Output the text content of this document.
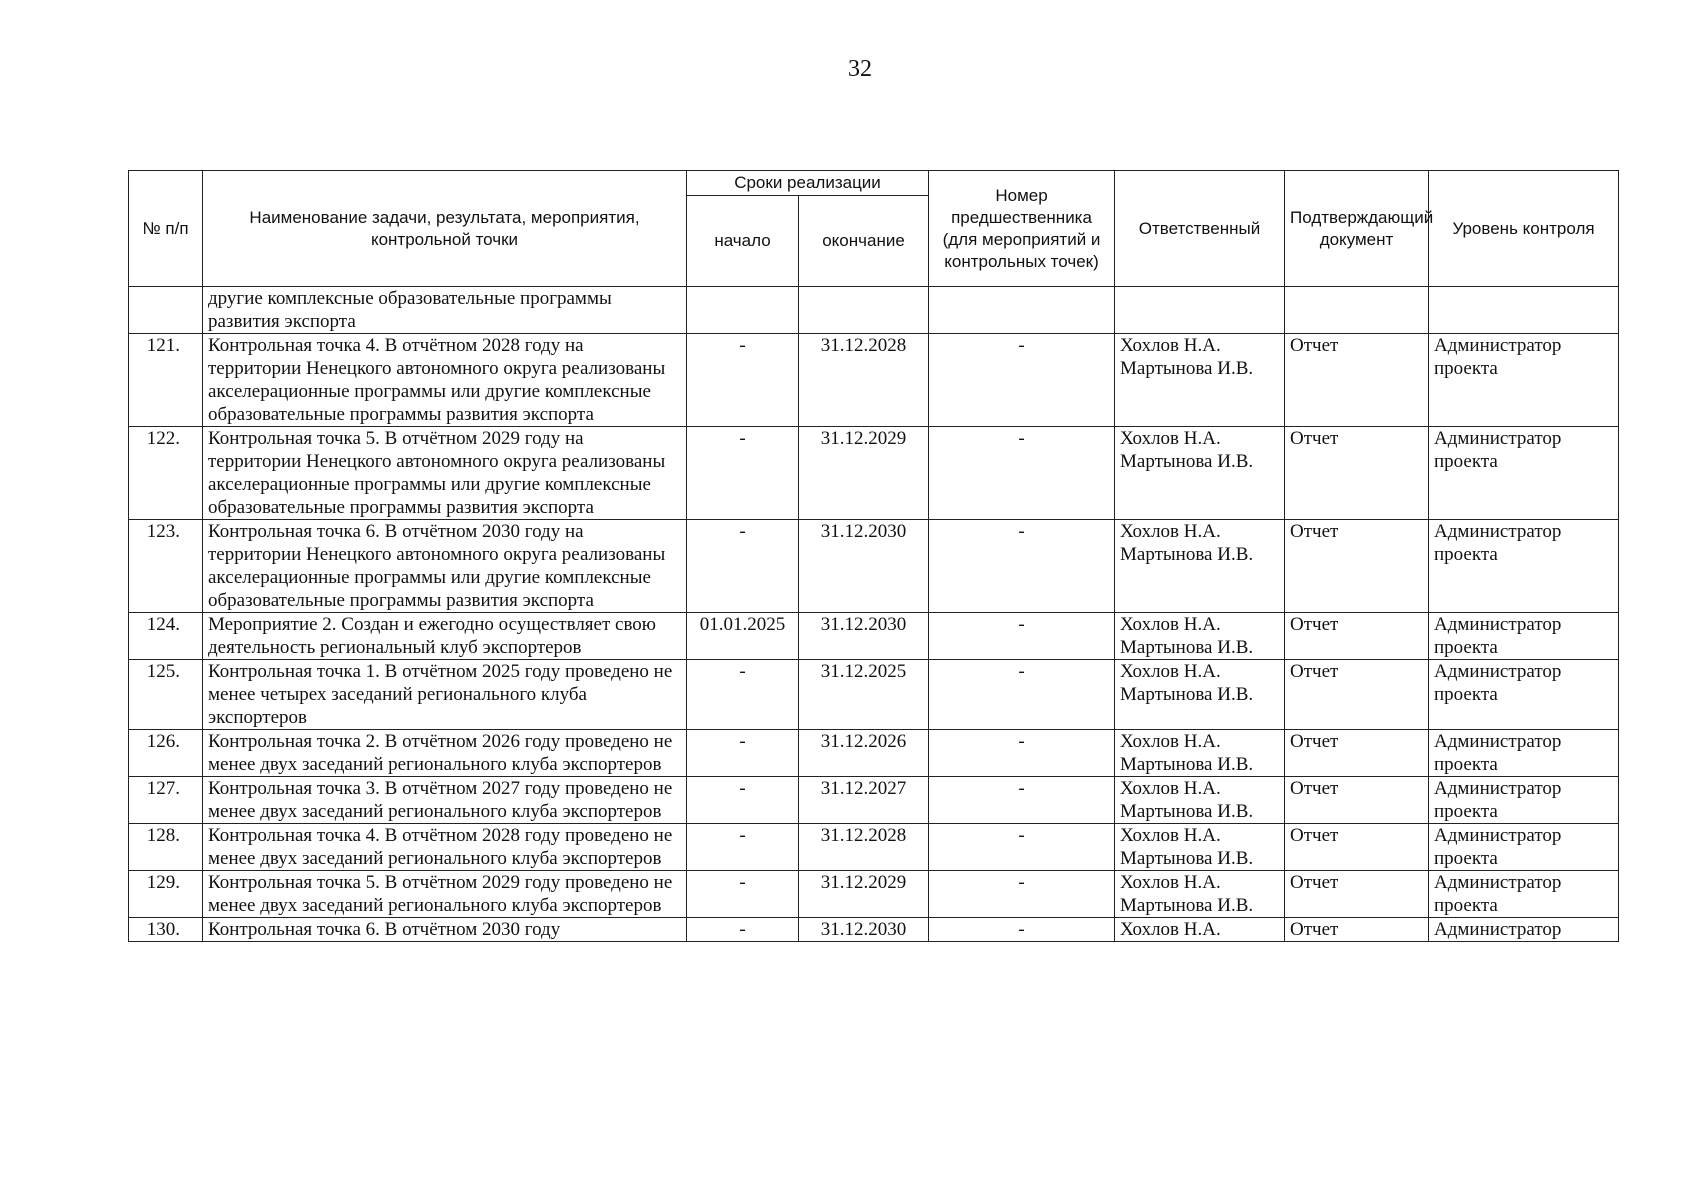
32
№ п/п	Наименование задачи, результата, мероприятия, контрольной точки	Сроки реализации		Номер предшественника (для мероприятий и контрольных точек)	Ответственный	Подтверждающий документ	Уровень контроля
		начало	окончание				
	другие комплексные образовательные программы развития экспорта						
121.	Контрольная точка 4. В отчётном 2028 году на территории Ненецкого автономного округа реализованы акселерационные программы или другие комплексные образовательные программы развития экспорта	-	31.12.2028	-	Хохлов Н.А. Мартынова И.В.	Отчет	Администратор проекта
122.	Контрольная точка 5. В отчётном 2029 году на территории Ненецкого автономного округа реализованы акселерационные программы или другие комплексные образовательные программы развития экспорта	-	31.12.2029	-	Хохлов Н.А. Мартынова И.В.	Отчет	Администратор проекта
123.	Контрольная точка 6. В отчётном 2030 году на территории Ненецкого автономного округа реализованы акселерационные программы или другие комплексные образовательные программы развития экспорта	-	31.12.2030	-	Хохлов Н.А. Мартынова И.В.	Отчет	Администратор проекта
124.	Мероприятие 2. Создан и ежегодно осуществляет свою деятельность региональный клуб экспортеров	01.01.2025	31.12.2030	-	Хохлов Н.А. Мартынова И.В.	Отчет	Администратор проекта
125.	Контрольная точка 1. В отчётном 2025 году проведено не менее четырех заседаний регионального клуба экспортеров	-	31.12.2025	-	Хохлов Н.А. Мартынова И.В.	Отчет	Администратор проекта
126.	Контрольная точка 2. В отчётном 2026 году проведено не менее двух заседаний регионального клуба экспортеров	-	31.12.2026	-	Хохлов Н.А. Мартынова И.В.	Отчет	Администратор проекта
127.	Контрольная точка 3. В отчётном 2027 году проведено не менее двух заседаний регионального клуба экспортеров	-	31.12.2027	-	Хохлов Н.А. Мартынова И.В.	Отчет	Администратор проекта
128.	Контрольная точка 4. В отчётном 2028 году проведено не менее двух заседаний регионального клуба экспортеров	-	31.12.2028	-	Хохлов Н.А. Мартынова И.В.	Отчет	Администратор проекта
129.	Контрольная точка 5. В отчётном 2029 году проведено не менее двух заседаний регионального клуба экспортеров	-	31.12.2029	-	Хохлов Н.А. Мартынова И.В.	Отчет	Администратор проекта
130.	Контрольная точка 6. В отчётном 2030 году	-	31.12.2030	-	Хохлов Н.А.	Отчет	Администратор
